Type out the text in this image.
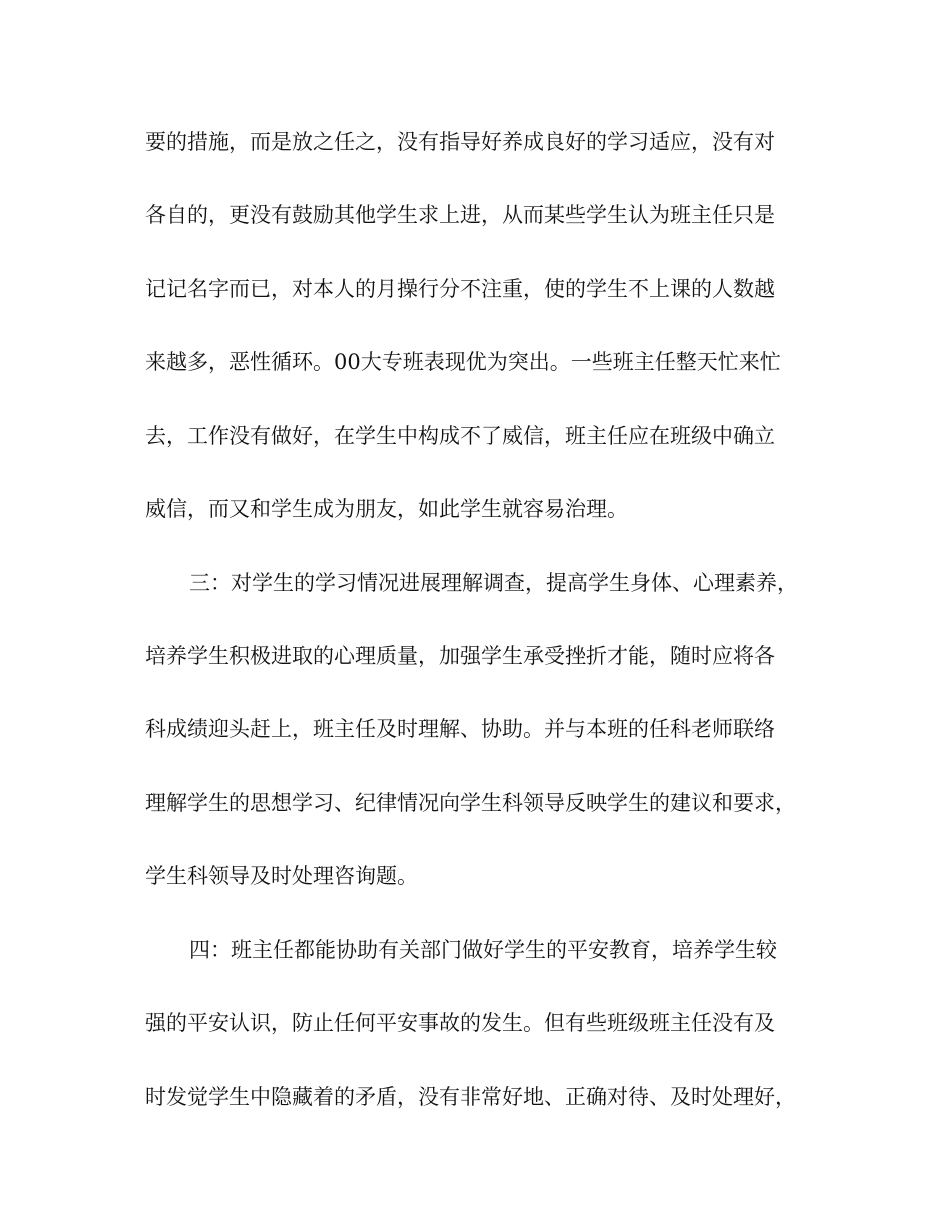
要的措施，而是放之任之，没有指导好养成良好的学习适应，没有对
各自的，更没有鼓励其他学生求上进，从而某些学生认为班主任只是
记记名字而已，对本人的月操行分不注重，使的学生不上课的人数越
来越多，恶性循环。00大专班表现优为突出。一些班主任整天忙来忙
去，工作没有做好，在学生中构成不了威信，班主任应在班级中确立
威信，而又和学生成为朋友，如此学生就容易治理。
三：对学生的学习情况进展理解调查，提高学生身体、心理素养，
培养学生积极进取的心理质量，加强学生承受挫折才能，随时应将各
科成绩迎头赶上，班主任及时理解、协助。并与本班的任科老师联络
理解学生的思想学习、纪律情况向学生科领导反映学生的建议和要求，
学生科领导及时处理咨询题。
四：班主任都能协助有关部门做好学生的平安教育，培养学生较
强的平安认识，防止任何平安事故的发生。但有些班级班主任没有及
时发觉学生中隐藏着的矛盾，没有非常好地、正确对待、及时处理好，
